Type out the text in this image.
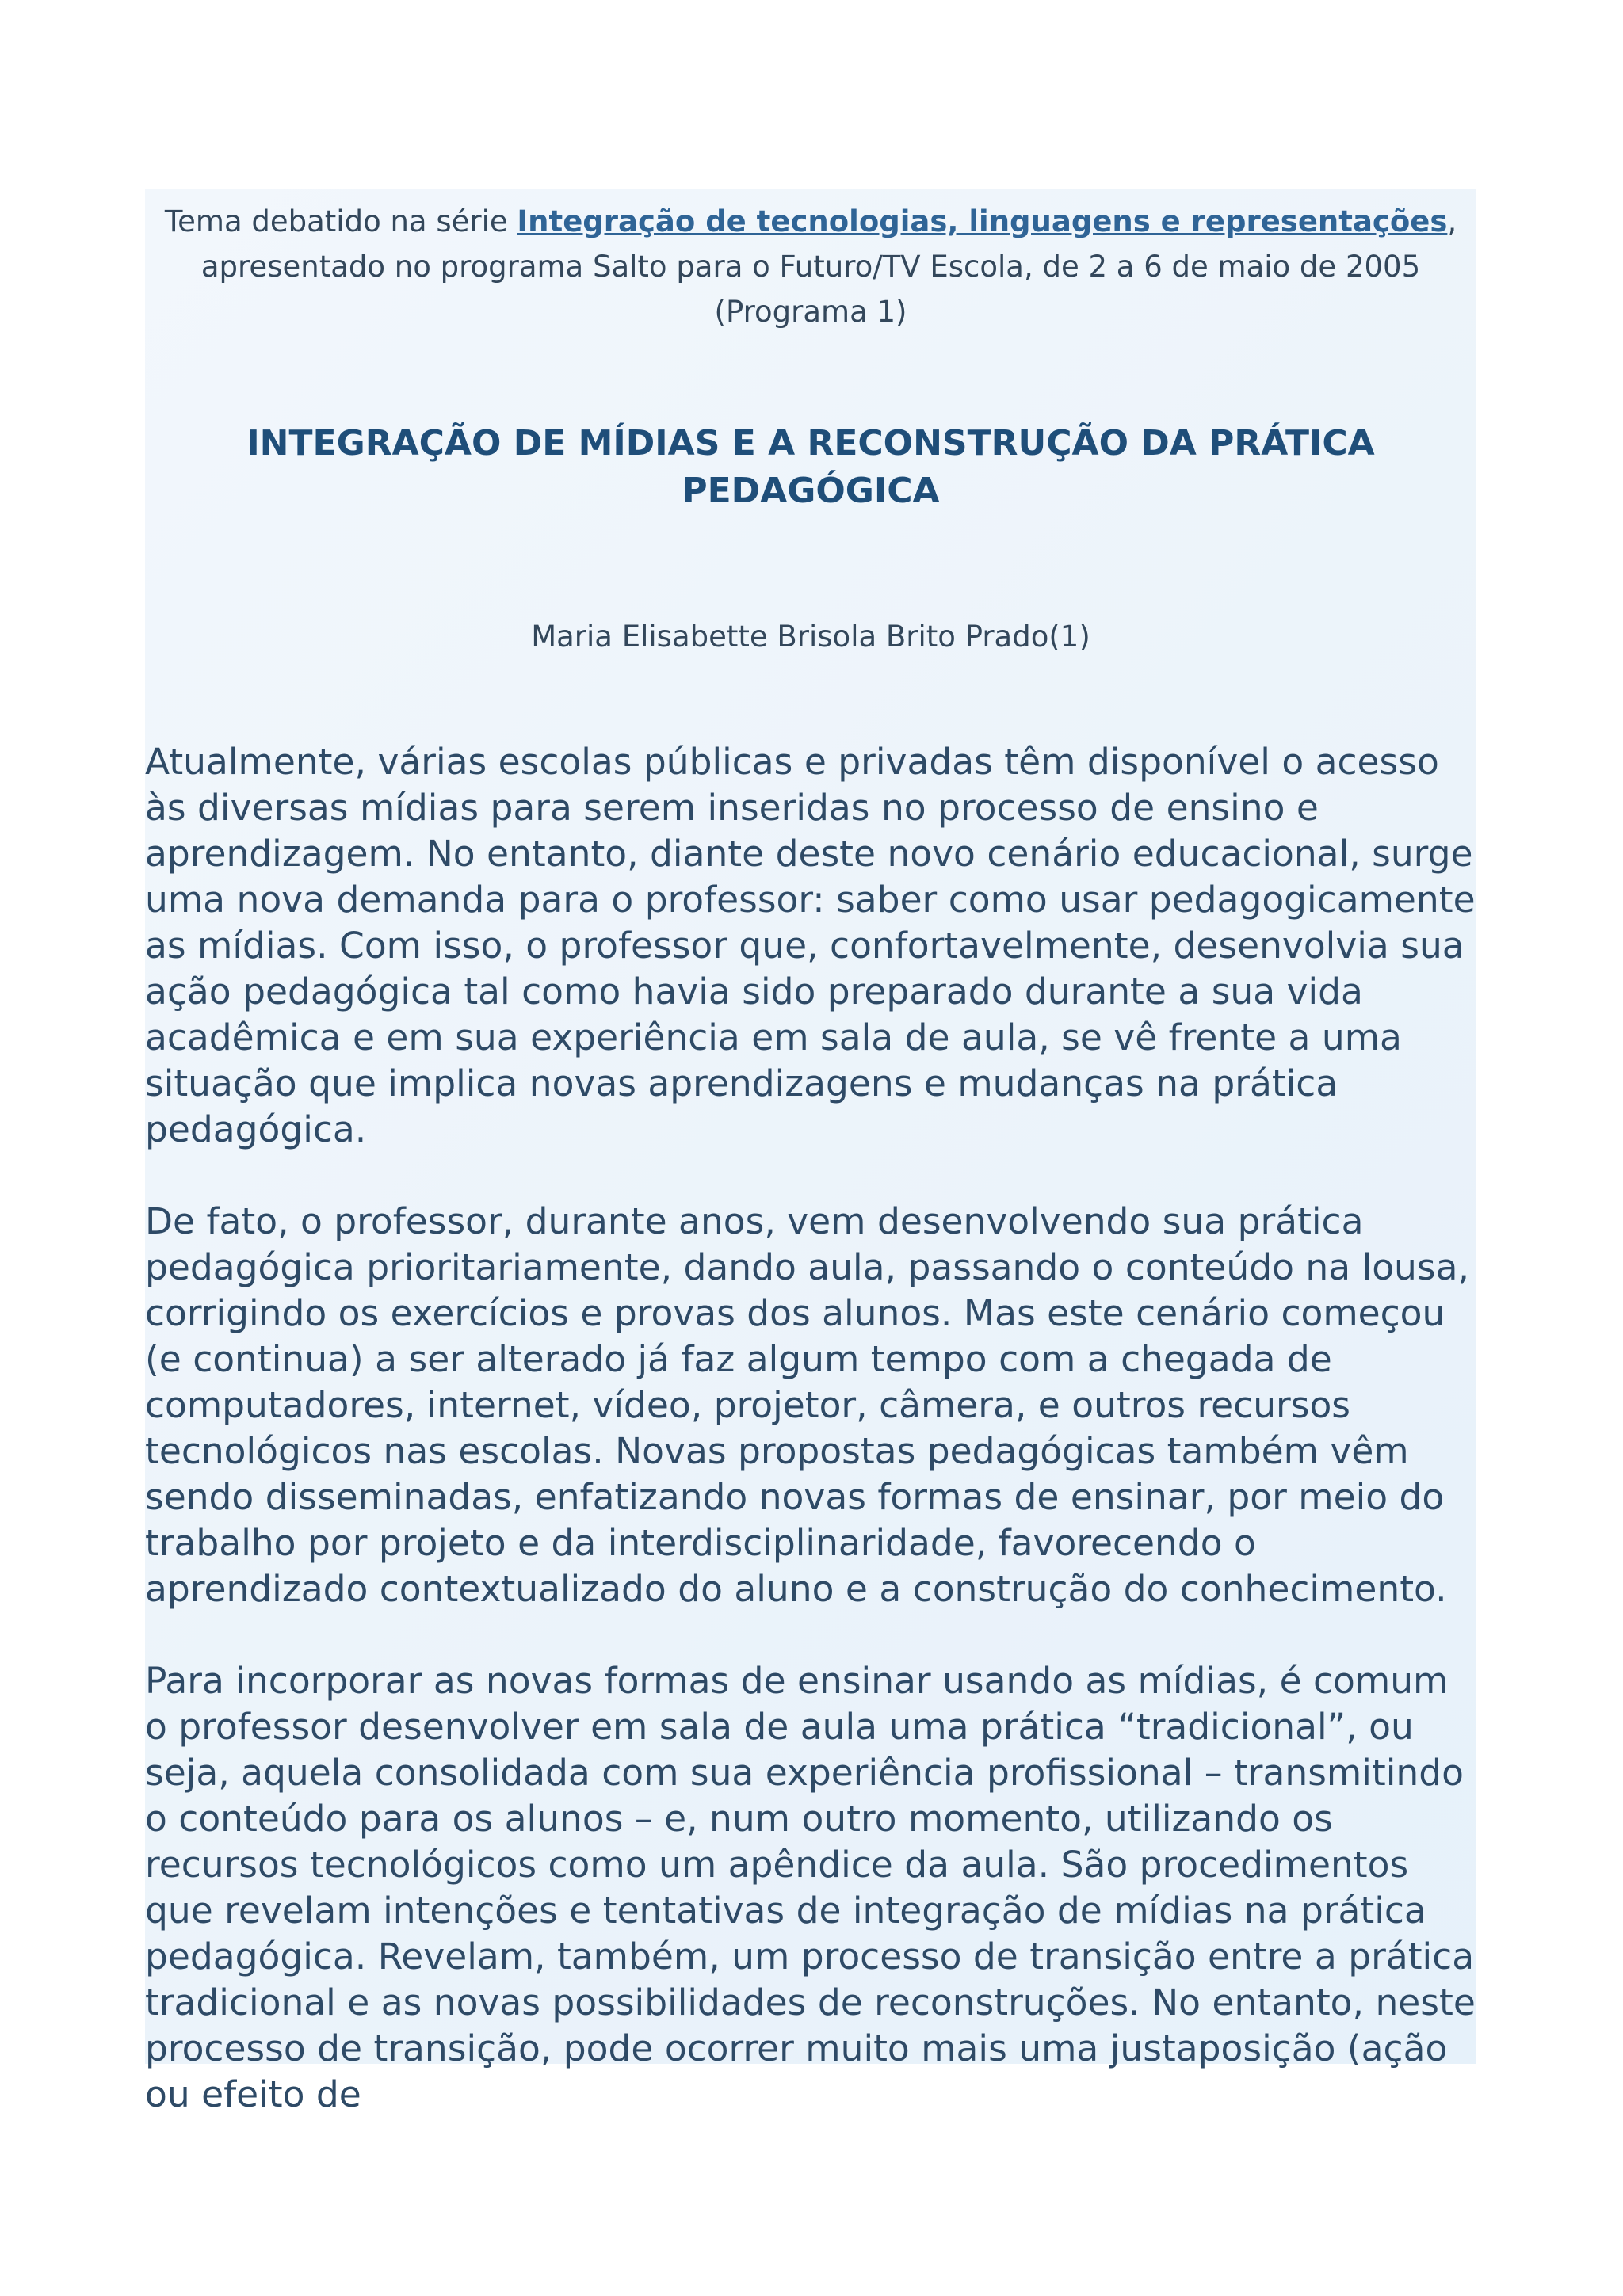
Tema debatido na série Integração de tecnologias, linguagens e representações,
apresentado no programa Salto para o Futuro/TV Escola, de 2 a 6 de maio de 2005
(Programa 1)

INTEGRAÇÃO DE MÍDIAS E A RECONSTRUÇÃO DA PRÁTICA PEDAGÓGICA

Maria Elisabette Brisola Brito Prado(1)

Atualmente, várias escolas públicas e privadas têm disponível o acesso às diversas mídias para serem inseridas no processo de ensino e aprendizagem. No entanto, diante deste novo cenário educacional, surge uma nova demanda para o professor: saber como usar pedagogicamente as mídias. Com isso, o professor que, confortavelmente, desenvolvia sua ação pedagógica tal como havia sido preparado durante a sua vida acadêmica e em sua experiência em sala de aula, se vê frente a uma situação que implica novas aprendizagens e mudanças na prática pedagógica.

De fato, o professor, durante anos, vem desenvolvendo sua prática pedagógica prioritariamente, dando aula, passando o conteúdo na lousa, corrigindo os exercícios e provas dos alunos. Mas este cenário começou (e continua) a ser alterado já faz algum tempo com a chegada de computadores, internet, vídeo, projetor, câmera, e outros recursos tecnológicos nas escolas. Novas propostas pedagógicas também vêm sendo disseminadas, enfatizando novas formas de ensinar, por meio do trabalho por projeto e da interdisciplinaridade, favorecendo o aprendizado contextualizado do aluno e a construção do conhecimento.

Para incorporar as novas formas de ensinar usando as mídias, é comum o professor desenvolver em sala de aula uma prática “tradicional”, ou seja, aquela consolidada com sua experiência profissional – transmitindo o conteúdo para os alunos – e, num outro momento, utilizando os recursos tecnológicos como um apêndice da aula. São procedimentos que revelam intenções e tentativas de integração de mídias na prática pedagógica. Revelam, também, um processo de transição entre a prática tradicional e as novas possibilidades de reconstruções. No entanto, neste processo de transição, pode ocorrer muito mais uma justaposição (ação ou efeito de
